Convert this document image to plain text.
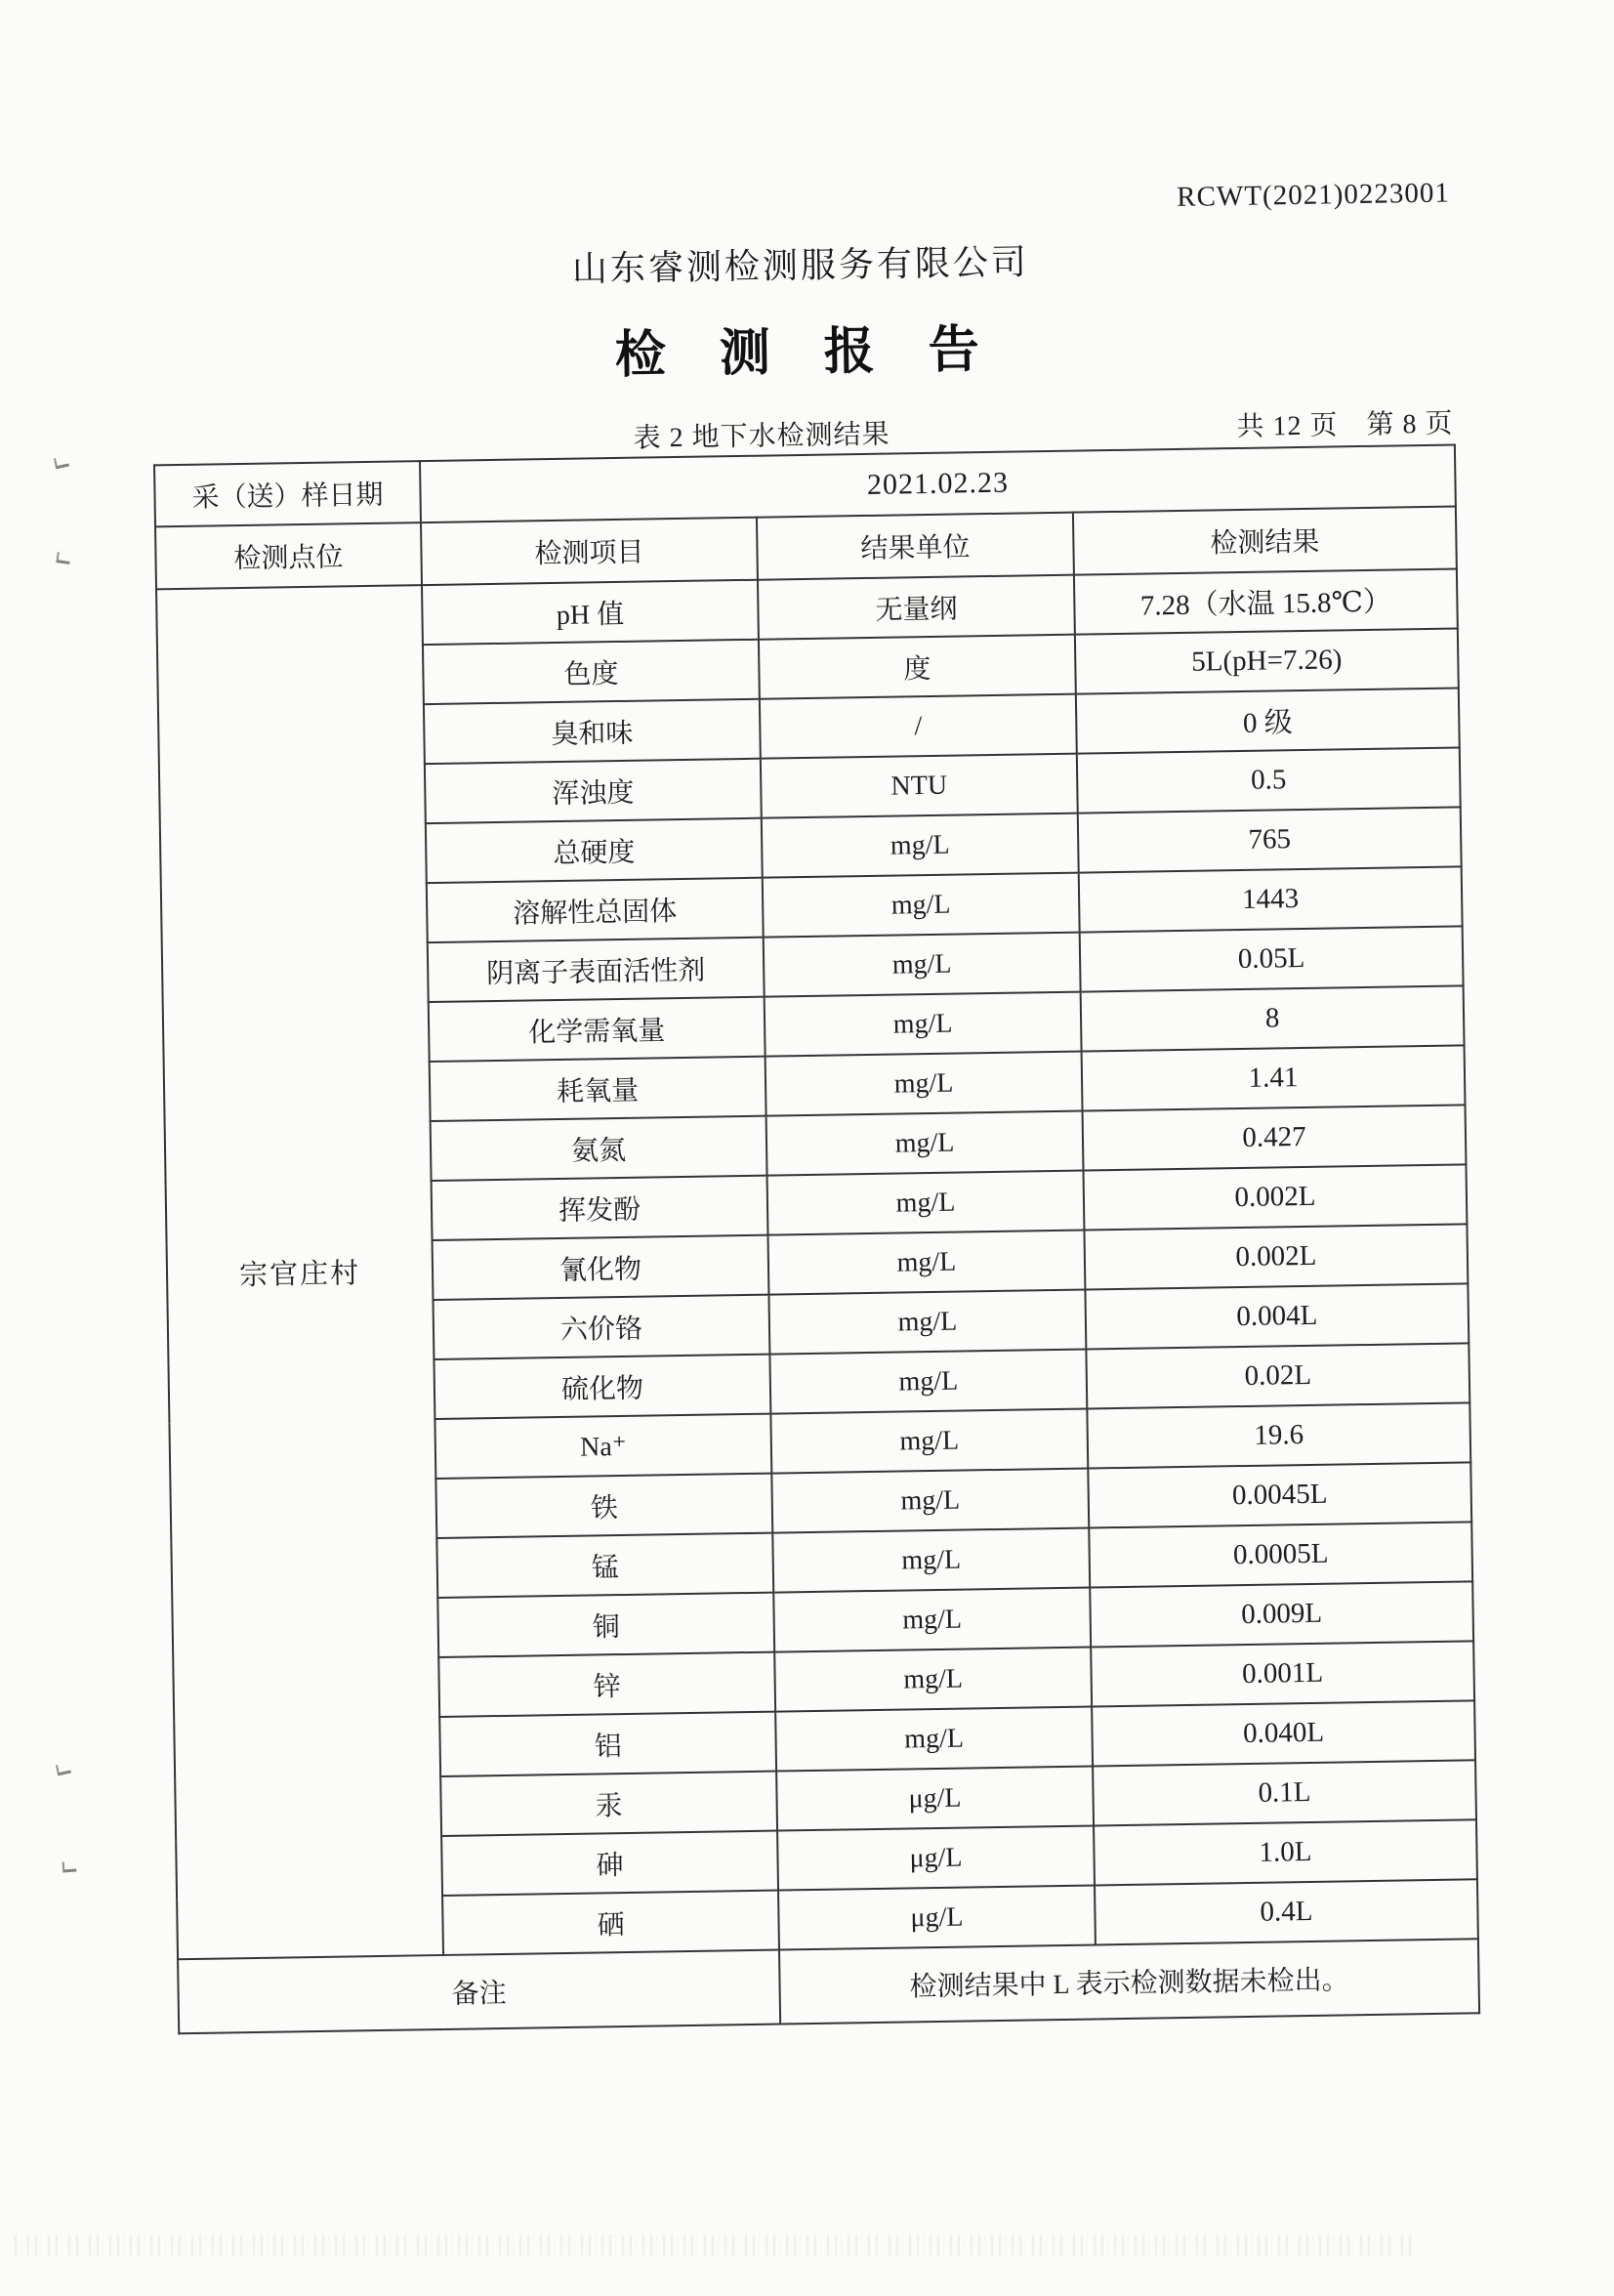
RCWT(2021)0223001
山东睿测检测服务有限公司
检 测 报 告
表 2 地下水检测结果	共 12 页　第 8 页
采（送）样日期	2021.02.23		
检测点位	检测项目	结果单位	检测结果
宗官庄村	pH 值	无量纲	7.28（水温 15.8℃）
	色度	度	5L(pH=7.26)
	臭和味	/	0 级
	浑浊度	NTU	0.5
	总硬度	mg/L	765
	溶解性总固体	mg/L	1443
	阴离子表面活性剂	mg/L	0.05L
	化学需氧量	mg/L	8
	耗氧量	mg/L	1.41
	氨氮	mg/L	0.427
	挥发酚	mg/L	0.002L
	氰化物	mg/L	0.002L
	六价铬	mg/L	0.004L
	硫化物	mg/L	0.02L
	Na⁺	mg/L	19.6
	铁	mg/L	0.0045L
	锰	mg/L	0.0005L
	铜	mg/L	0.009L
	锌	mg/L	0.001L
	铝	mg/L	0.040L
	汞	μg/L	0.1L
	砷	μg/L	1.0L
	硒	μg/L	0.4L
备注		检测结果中 L 表示检测数据未检出。	
